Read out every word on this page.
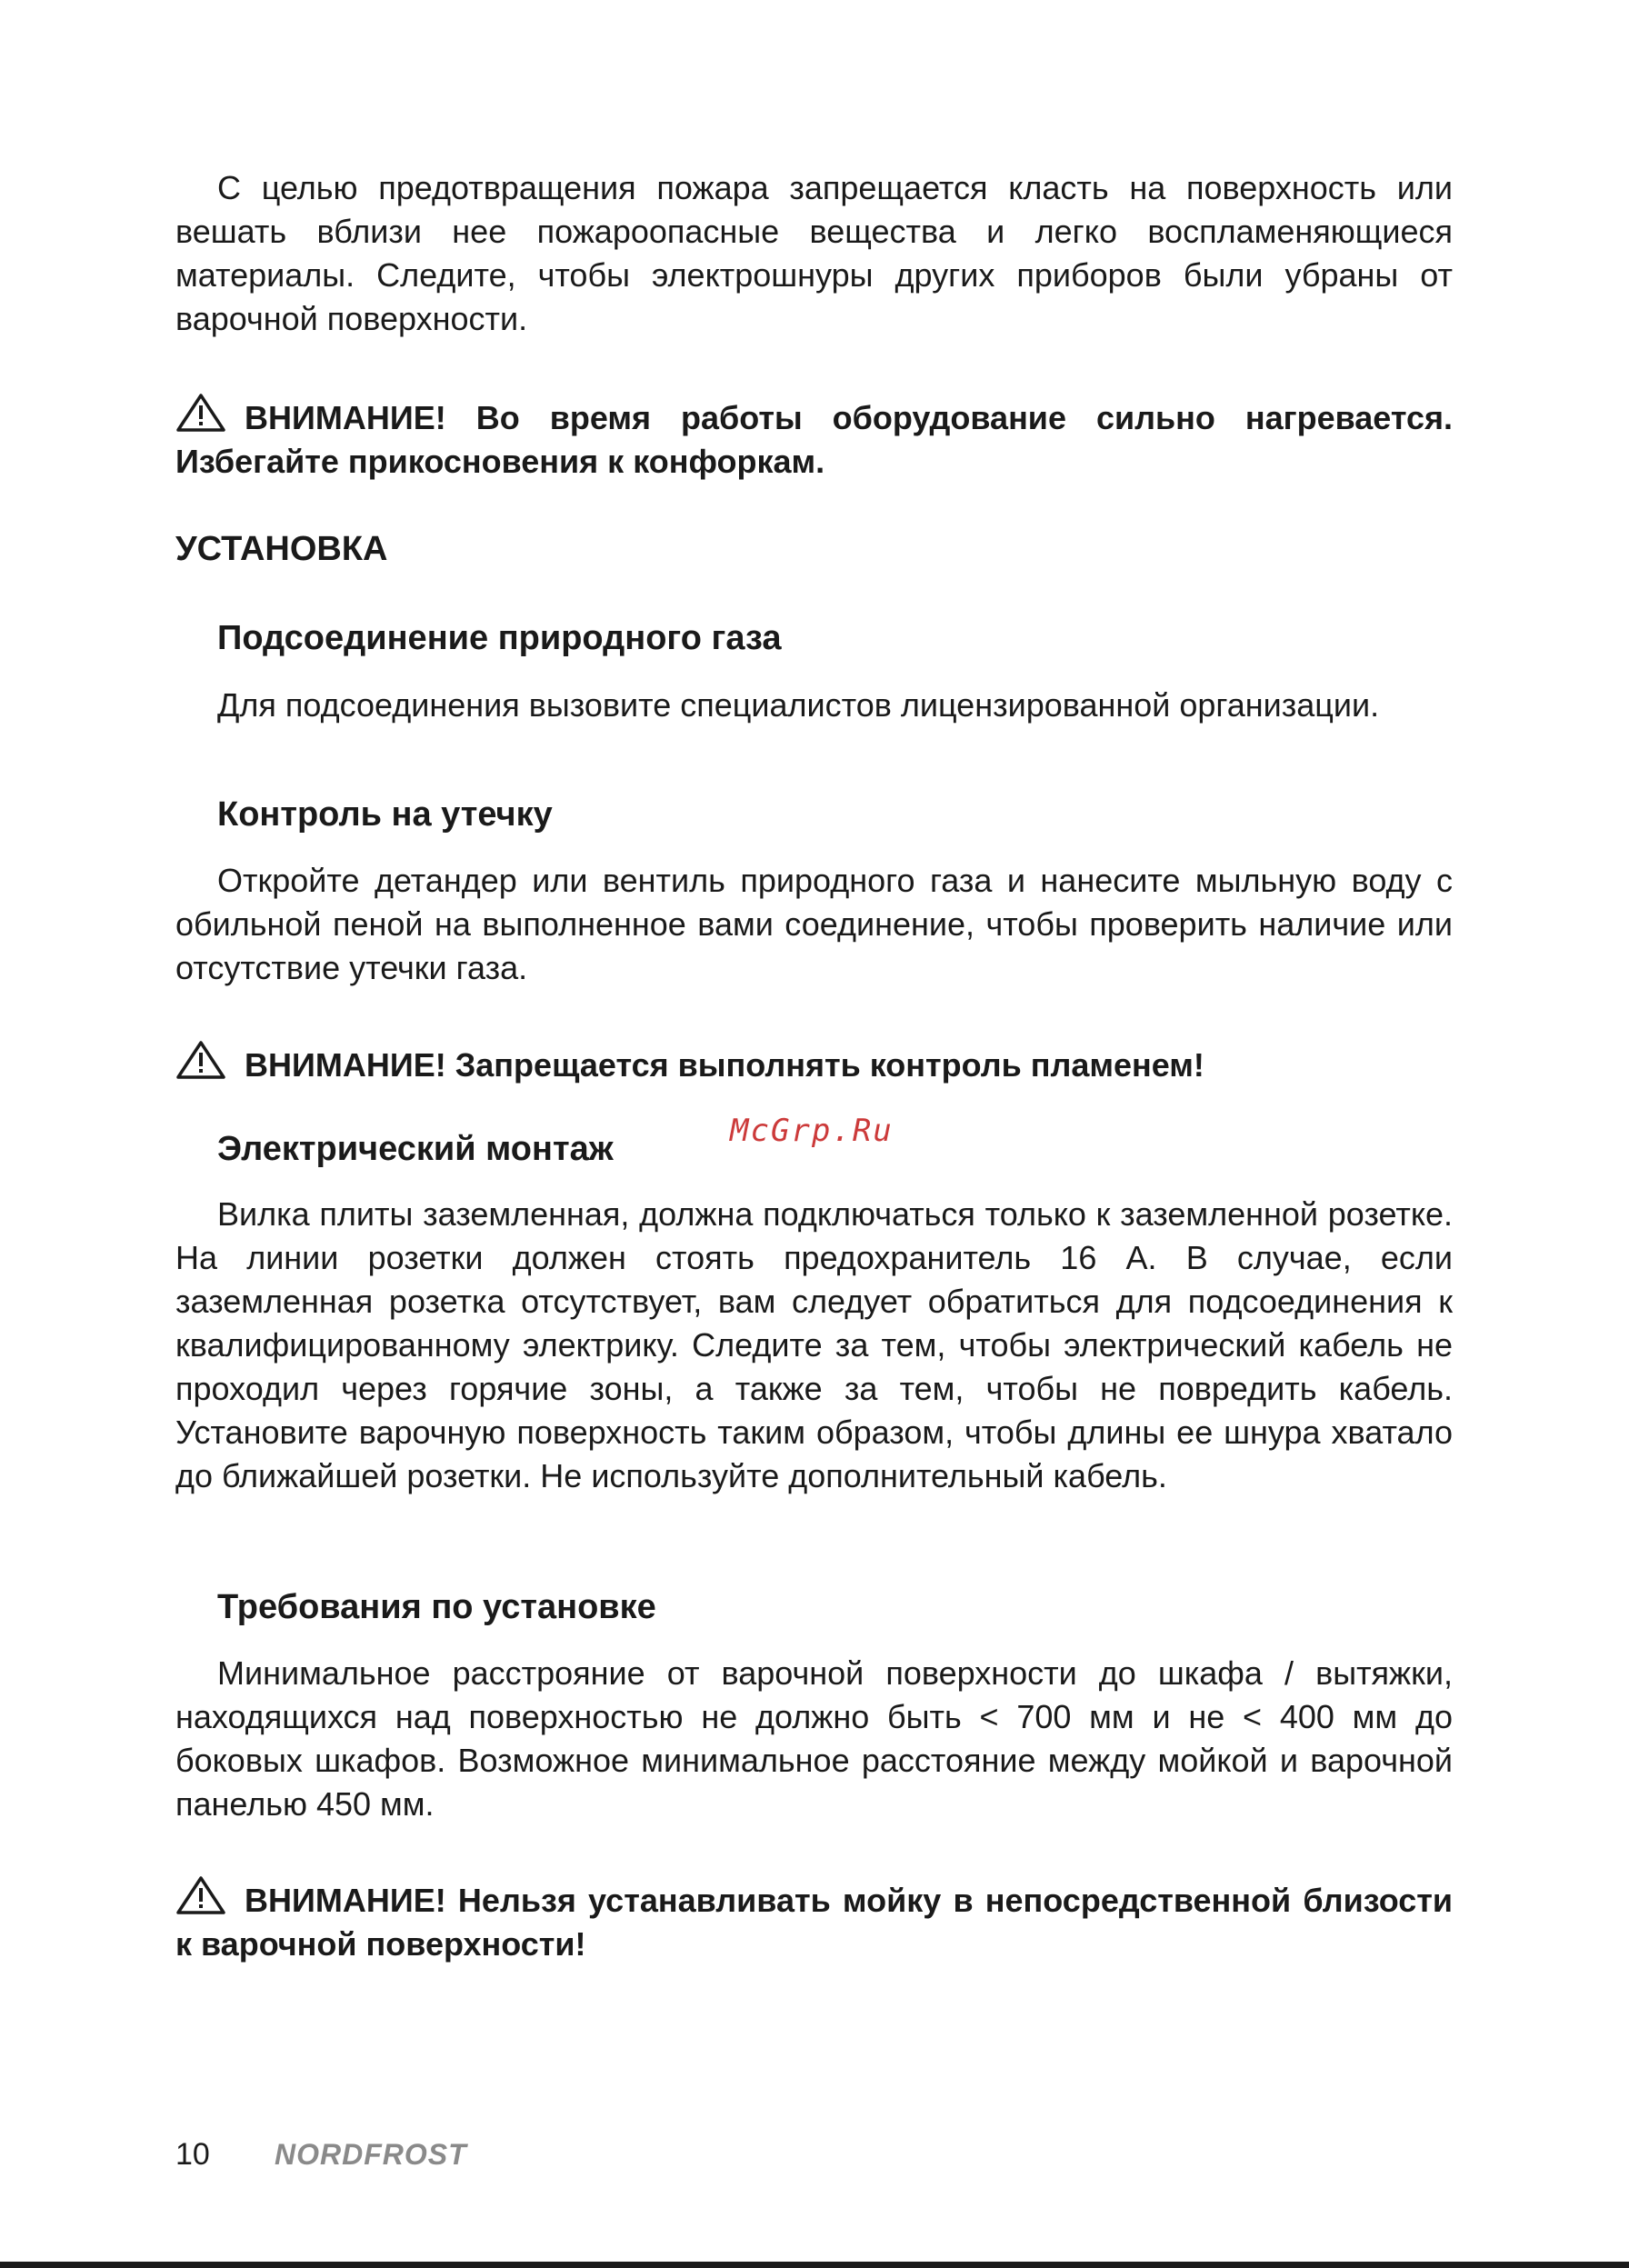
С целью предотвращения пожара запрещается класть на поверхность или вешать вблизи нее пожароопасные вещества и легко воспламеняющиеся материалы. Следите, чтобы электрошнуры других приборов были убраны от варочной поверхности.

ВНИМАНИЕ! Во время работы оборудование сильно нагревается. Избегайте прикосновения к конфоркам.

УСТАНОВКА
Подсоединение природного газа

Для подсоединения вызовите специалистов лицензированной организации.

Контроль на утечку

Откройте детандер или вентиль природного газа и нанесите мыльную воду с обильной пеной на выполненное вами соединение, чтобы проверить наличие или отсутствие утечки газа.

ВНИМАНИЕ! Запрещается выполнять контроль пламенем!

Электрический монтаж	McGrp.Ru

Вилка плиты заземленная, должна подключаться только к заземленной розетке. На линии розетки должен стоять предохранитель 16 А. В случае, если заземленная розетка отсутствует, вам следует обратиться для подсоединения к квалифицированному электрику. Следите за тем, чтобы электрический кабель не проходил через горячие зоны, а также за тем, чтобы не повредить кабель. Установите варочную поверхность таким образом, чтобы длины ее шнура хватало до ближайшей розетки. Не используйте дополнительный кабель.

Требования по установке

Минимальное расстрояние от варочной поверхности до шкафа / вытяжки, находящихся над поверхностью не должно быть < 700 мм и не < 400 мм до боковых шкафов. Возможное минимальное расстояние между мойкой и варочной панелью 450 мм.

ВНИМАНИЕ! Нельзя устанавливать мойку в непосредственной близости к варочной поверхности!

10 NORDFROST
